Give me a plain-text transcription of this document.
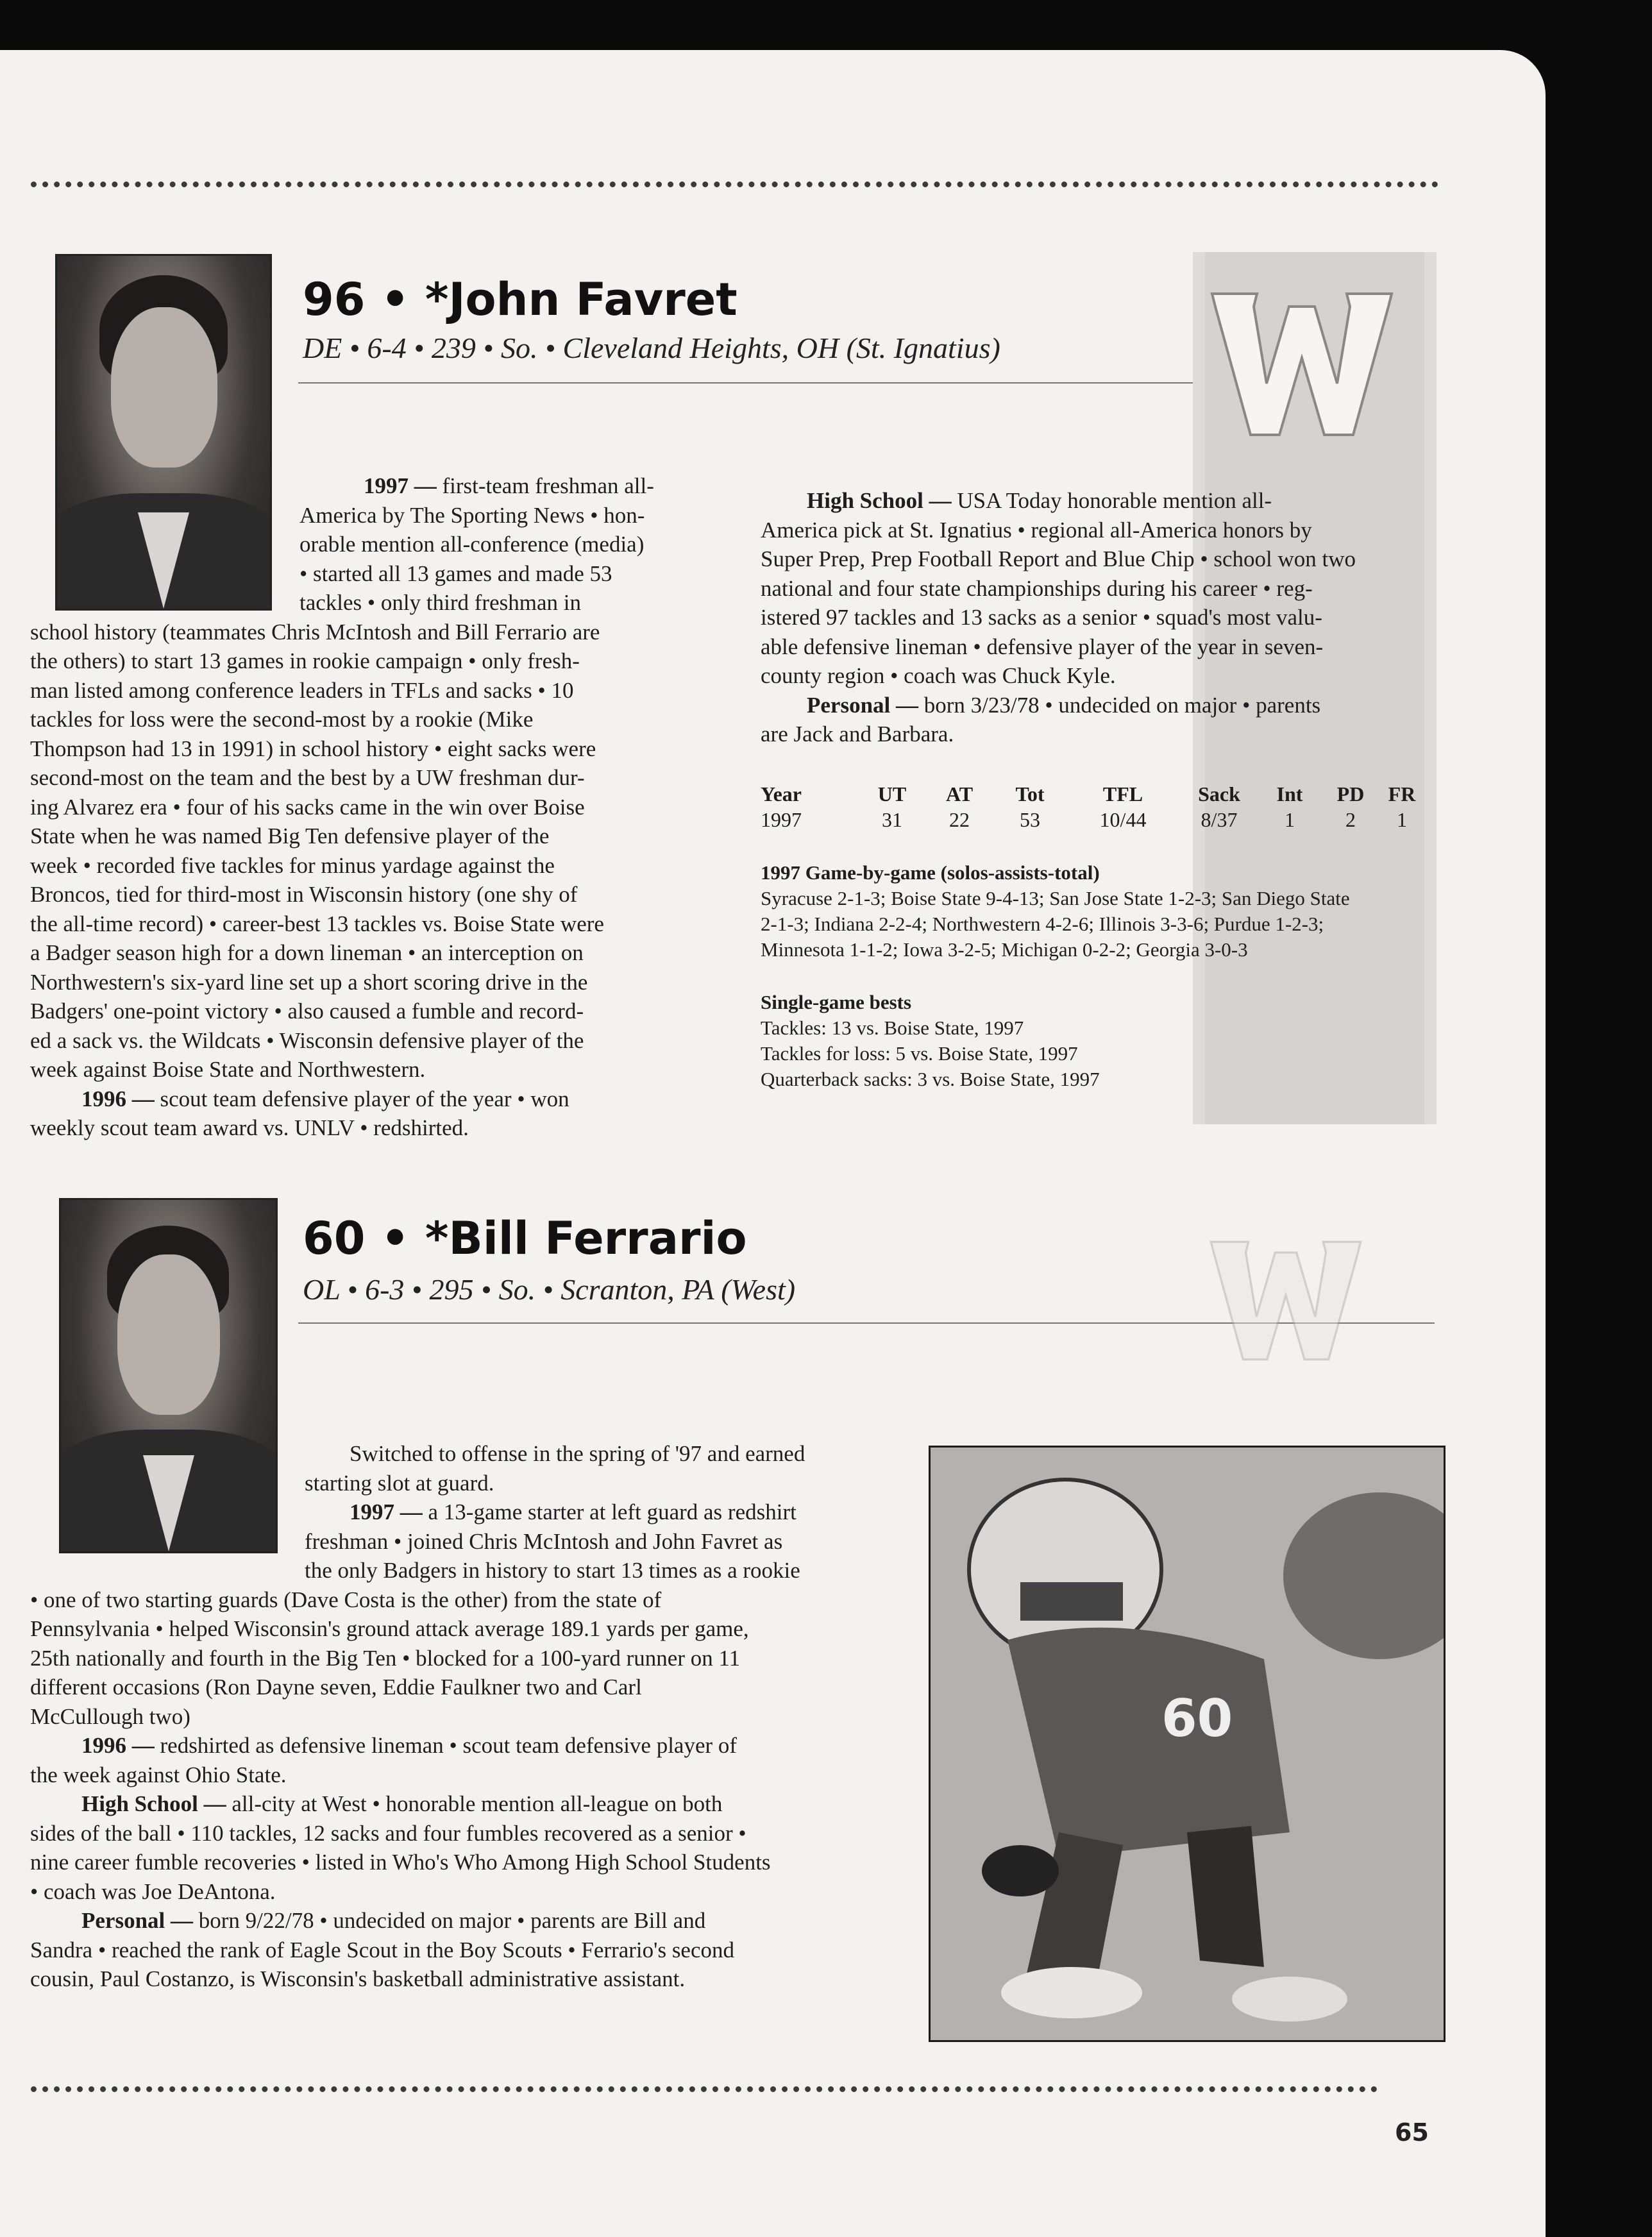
96 • *John Favret
DE • 6-4 • 239 • So. • Cleveland Heights, OH (St. Ignatius)
1997 — first-team freshman all-
America by The Sporting News • hon-
orable mention all-conference (media)
• started all 13 games and made 53
tackles • only third freshman in
school history (teammates Chris McIntosh and Bill Ferrario are
the others) to start 13 games in rookie campaign • only fresh-
man listed among conference leaders in TFLs and sacks • 10
tackles for loss were the second-most by a rookie (Mike
Thompson had 13 in 1991) in school history • eight sacks were
second-most on the team and the best by a UW freshman dur-
ing Alvarez era • four of his sacks came in the win over Boise
State when he was named Big Ten defensive player of the
week • recorded five tackles for minus yardage against the
Broncos, tied for third-most in Wisconsin history (one shy of
the all-time record) • career-best 13 tackles vs. Boise State were
a Badger season high for a down lineman • an interception on
Northwestern's six-yard line set up a short scoring drive in the
Badgers' one-point victory • also caused a fumble and record-
ed a sack vs. the Wildcats • Wisconsin defensive player of the
week against Boise State and Northwestern.
1996 — scout team defensive player of the year • won
weekly scout team award vs. UNLV • redshirted.
High School — USA Today honorable mention all-
America pick at St. Ignatius • regional all-America honors by
Super Prep, Prep Football Report and Blue Chip • school won two
national and four state championships during his career • reg-
istered 97 tackles and 13 sacks as a senior • squad's most valu-
able defensive lineman • defensive player of the year in seven-
county region • coach was Chuck Kyle.
Personal — born 3/23/78 • undecided on major • parents
are Jack and Barbara.
Year	UT	AT	Tot	TFL	Sack	Int	PD	FR
1997	31	22	53	10/44	8/37	1	2	1
1997 Game-by-game (solos-assists-total)
Syracuse 2-1-3; Boise State 9-4-13; San Jose State 1-2-3; San Diego State
2-1-3; Indiana 2-2-4; Northwestern 4-2-6; Illinois 3-3-6; Purdue 1-2-3;
Minnesota 1-1-2; Iowa 3-2-5; Michigan 0-2-2; Georgia 3-0-3
Single-game bests
Tackles: 13 vs. Boise State, 1997
Tackles for loss: 5 vs. Boise State, 1997
Quarterback sacks: 3 vs. Boise State, 1997
60 • *Bill Ferrario
OL • 6-3 • 295 • So. • Scranton, PA (West)
Switched to offense in the spring of '97 and earned
starting slot at guard.
1997 — a 13-game starter at left guard as redshirt
freshman • joined Chris McIntosh and John Favret as
the only Badgers in history to start 13 times as a rookie
• one of two starting guards (Dave Costa is the other) from the state of
Pennsylvania • helped Wisconsin's ground attack average 189.1 yards per game,
25th nationally and fourth in the Big Ten • blocked for a 100-yard runner on 11
different occasions (Ron Dayne seven, Eddie Faulkner two and Carl
McCullough two)
1996 — redshirted as defensive lineman • scout team defensive player of
the week against Ohio State.
High School — all-city at West • honorable mention all-league on both
sides of the ball • 110 tackles, 12 sacks and four fumbles recovered as a senior •
nine career fumble recoveries • listed in Who's Who Among High School Students
• coach was Joe DeAntona.
Personal — born 9/22/78 • undecided on major • parents are Bill and
Sandra • reached the rank of Eagle Scout in the Boy Scouts • Ferrario's second
cousin, Paul Costanzo, is Wisconsin's basketball administrative assistant.
60
65
